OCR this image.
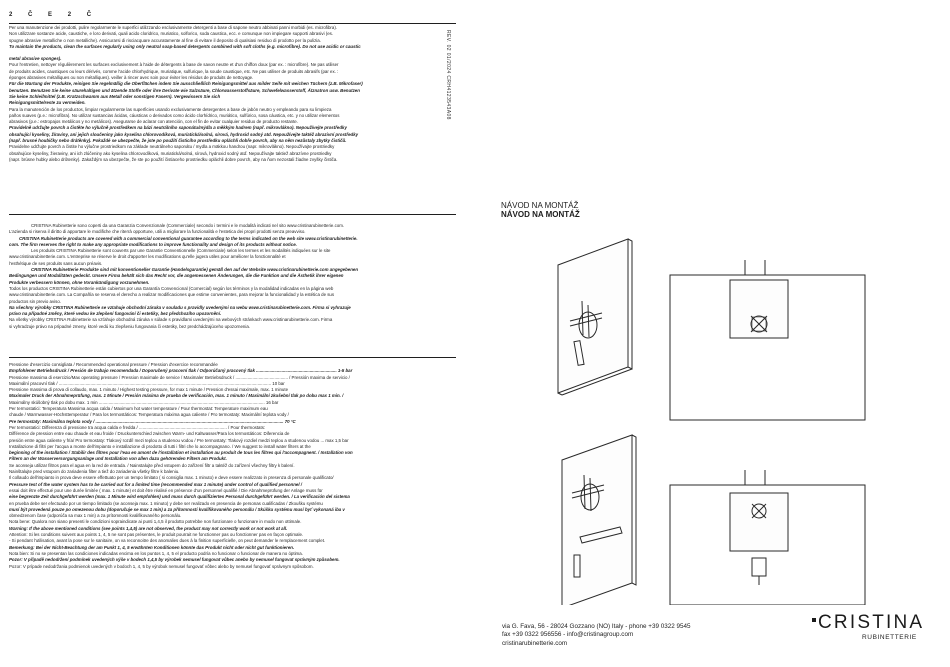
2	Č	E	2	Č
REV. 02 01/2024 CRH4123543A08

Per una manutenzione dei prodotti, pulire regolarmente le superfici utilizzando esclusivamente detergenti a base di sapone neutro abbinati panni morbidi (es. microfibra).

Non utilizzare sostanze acide, caustiche, e loro derivati, quali acido cloridrico, muriatico, solforico, soda caustica, ecc. e comunque non impiegare supporti abrasivi (es.

spugne abrasive metalliche o non metalliche). Assicurarsi di risciacquare accuratamente al fine di evitare il deposito di qualsiasi residuo di prodotto per la pulizia.

To maintain the products, clean the surfaces regularly using only neutral soap-based detergents combined with soft cloths (e.g. microfibre). Do not use acidic or caustic

metal abrasive sponges).

Pour l'entretien, nettoyer régulièrement les surfaces exclusivement à l'aide de détergents à base de savon neutre et d'un chiffon doux (par ex. : microfibre). Ne pas utiliser

de produits acides, caustiques ou leurs dérivés, comme l'acide chlorhydrique, muriatique, sulfurique, la soude caustique, etc. Ne pas utiliser de produits abrasifs (par ex. :

éponges abrasives métalliques ou non métalliques). veiller à rincer avec soin pour éviter les résidus de produits de nettoyage.

Für die Wartung der Produkte, reinigen Sie regelmäßig die Oberflächen indem Sie ausschließlich Reinigungsmittel aus milder Seife mit weichen Tüchern (z.B. Mikrofaser)

benutzen. Benutzen Sie keine säurehaltigen und ätzende Stoffe oder ihre Derivate wie Salzsäure, Chlorwasserstoffsäure, Schwefelwasserstoff, Ätznatron usw. Benutzen

Sie keine Schleifmittel (z.B. Kratzschwamm aus Metall oder sonstigen Fasern). Vergewissern Sie sich

Reinigungsmittelreste zu vermeiden.

Para la manutención de los productos, limpiar regularmente las superficies usando exclusivamente detergentes a base de jabón neutro y empleando para su limpieza

paños suaves (p.e.: microfibra). No utilizar sustancias ácidas, cáusticas o derivados como ácido clorhídrico, muriático, sulfúrico, sosa cáustica, etc. y no utilizar elementos

abrasivos (p.e.: estropajos metálicos y no metálicos). Asegurarse de aclarar con atención, con el fin de evitar cualquier residuo de producto restante.

Pravidelně udržujte povrch a čistěte ho výlučně prostředkem na bázi neutrálního saponátu/mýdla a měkkým hadrem (např. mikrovlákno). Nepoužívejte prostředky

obsahující kyseliny, žíraviny, ani jejich sloučeniny jako kyselina chlorovodíková, muriatická/solná, sírová, hydroxid sodný atd. Nepoužívejte taktéž abrazivní prostředky

(např. brusné houbičky nebo drátěnky). Pokaždé se ubezpečte, že jste po použití čisticího prostředku opláchli dobře povrch, aby na něm nezůstaly zbytky čističů.

Pravidelne udržujte povrch a čistite ho výlučne prostriedkom na základe neutrálneho saponátu / mydla a mäkkou handrou (napr. mikrovlákno). Nepoužívajte prostriedky

obsahujúce kyseliny, žieraviny, ani ich zlúčeniny ako kyselina chlorovodíková, muriatická/solná, sírová, hydroxid sodný atď. Nepoužívajte taktiež abrazívne prostriedky

(napr. brúsne hubky alebo drôtenky). Zakaždým sa ubezpečte, že ste po použití čistiaceho prostriedku opláchli dobre povrch, aby na ňom nezostali žiadne zvyšky čističa.

CRISTINA Rubinetterie sono coperti da una Garanzia Convenzionale (Commerciale) secondo i termini e le modalità indicati nel sito www.cristinarubinetterie.com.

L'azienda si riserva il diritto di apportare le modifiche che riterrà opportune, utili a migliorare la funzionalità e l'estetica dei propri prodotti senza preavviso.

CRISTINA Rubinetterie products are covered with a commercial conventional guarantee according to the terms indicated on the web site www.cristinarubinetterie.

com. The firm reserves the right to make any appropriate modifications to improve functionality and design of its products without notice.

Les produits CRISTINA Rubinetterie sont couverts par une Garantie Conventionnelle (Commerciale) selon les termes et les modalités indiquées sur le site

www.cristinarubinetterie.com. L'entreprise se réserve le droit d'apporter les modifications qu'elle jugera utiles pour améliorer la fonctionnalité et

l'esthétique de ses produits sans aucun préavis.

CRISTINA Rubinetterie Produkte sind mit konventioneller Garantie (Handelsgarantie) gemäß den auf der Website www.cristinarubinetterie.com angegebenen

Bedingungen und Modalitäten gedeckt. Unsere Firma behält sich das Recht vor, die angemessenen Änderungen, die die Funktion und die Ästhetik ihrer eigenen

Produkte verbessern können, ohne Vorankündigung vorzunehmen.

Todos los productos CRISTINA Rubinetterie están cubiertos por una Garantía Convencional (Comercial) según los términos y la modalidad indicadas en la página web

www.cristinarubinetterie.com. La Compañía se reserva el derecho a realizar modificaciones que estime convenientes, para mejorar la funcionalidad y la estética de sus

productos sin previo aviso.

Na všechny výrobky CRISTINA Rubinetterie se vztahuje obchodní záruka v souladu s pravidly uvedenými na webu www.cristinarubinetterie.com. Firma si vyhrazuje

právo na případné změny, které vedou ke zlepšení fungování či estetiky, bez předchozího upozornění.

Na všetky výrobky CRISTINA Rubinetterie sa vzťahuje obchodná záruka v súlade s pravidlami uvedenými na webových stránkach www.cristinarubinetterie.com. Firma

si vyhradzuje právo na prípadné zmeny, ktoré vedú ku zlepšeniu fungovania či estetiky, bez predchádzajúceho upozornenia.

Pressione d'esercizio consigliata / Recommended operational pressure / Pression d'exercice recommandée

Empfohlener Betriebsdruck / Presión de trabajo recomendada / Doporučený pracovní tlak / Odporúčaný pracovný tlak .................................................................. 1-5 bar

Pressione massima di esercizio/Max operating pressure / Pression maximale de service / Maximaler Betriebsdruck / ........................................... / Pressión maxima de servicio /

Maximální pracovní tlak / .............................................................................................................................................................................. 10 bar

Pressione massima di prova di collaudo, max. 1 minuto / Highest testing pressure, for max 1 minute / Pression d'essai maximale, max. 1 minute

Maximaler Druck der Abnahmeprüfung, max. 1 Minute / Presión máxima de prueba de verificación, max. 1 minuto / Maximální zkušební tlak po dobu max 1 min. /

Maximálny skúšobný tlak po dobu max. 1 min ........................................................................................................................................ 16 bar

Per termostatici: Temperatura Massima acqua calda / Maximum hot water temperature / Pour thermostat: Temperature maximum eau

chaude / Warmwasser-Höchsttemperatur / Para los termostáticos: Temperatura máxima agua caliente / Pro termostaty: Maximální teplota vody /

Pre termostaty: Maximálna teplota vody / .......................................................................................................................................................... 70 °C

Per termostatici: Differenza di pressione tra acqua calda e fredda / ........................................................................ / Pour thermostats:

Différence de pression entre eau chaude et eau froide / Druckunterschied zwischen Warm- und Kaltwasser/Para los termostáticos: Diferencia de

presión entre agua caliente y fría/ Pro termostaty: Tlakový rozdíl mezi teplou a studenou vodou / Pre termostaty: Tlakový rozdiel medzi teplou a studenou vodou ... max 1,5 bar

Installazione di filtri per l'acqua a monte dell'impianto e installazione di prodotto di tutti i filtri che lo accompagnano. / We suggest to install water filters at the

beginning of the installation / Stabilir des filtres pour l'eau en amont de l'installation et installation au produit de tous les filtres qui l'accompagnent. / Installation von

Filtern an der Wasserversorgungsanlage und Installation von allen dazu gehörenden Filtern am Produkt.

Se aconseja utilizar filtros para el agua en la red de entrada. / Nainstalujte před vstupem do zařízení filtr a taktéž do zařízení všechny filtry k balení.

Nainštalujte pred vstupom do zariadenia filter a tiež do zariadenia všetky filtre k baleniu.

Il collaudo dell'impianto in prova deve essere effettuato per un tempo limitato ( si consiglia max. 1 minuto) e deve essere realizzato in presenza di personale qualificato/

Pressure test of the water system has to be carried out for a limited time (recommended max 1 minute) under control of qualified personnel /

essai doit être effectué pour une durée limitée ( max. 1 minute) et doit être réalisé en présence d'un personnel qualifié / Die Abnahmeprüfung der Anlage muss für

eine begrenzte Zeit durchgeführt werden (max. 1 Minute wird empfohlen) und muss durch qualifiziertes Personal durchgeführt werden. / La verificación del sistema

en prueba debe ser efectuado por un tiempo limitado (se aconseja max. 1 minuto) y debe ser realizado en presencia de personas cualificadas / Zkoušku systému

musí být provedená pouze po omezenou dobu (doporučuje se max 1 min) a za přítomnosti kvalifikovaného personálu / Skúšku systému musí byť vykonaná iba v

obmedzenom čase (odporúča sa max 1 min) a za prítomnosti kvalifikovaného personálu.

Nota bene: Qualora non siano presenti le condizioni sopraindicate ai punti 1,4,5 il prodotto potrebbe non funzionare o funzionare in modo non ottimale.

Warning: If the above mentioned conditions (see points 1,4,5) are not observed, the product may not correctly work or not work at all.

Attention: Si les conditions suivent aux points 1, 4, 5 ne sont pas présentes, le produit pourrait ne fonctionner pas ou fonctionner pas en façon optimale.

- Si pendant l'utilisation, avant la pose sur le sanitaire, on va reconnoitre des anomalies dues à la finition superficielle, on peut demander le remplacement complet.

Bemerkung: Bei der Nicht-Beachtung der am Punkt 1, 4, 5 erwähnten Konditionen könnte das Produkt nicht oder nicht gut funktionieren.

Nota bien: Si no se presentan las condiciones indicadas encima en los puntos 1, 4, 5 el producto podría no funcionar o funcionar de manera no óptima.

Pozor: V případě nedodržení podmínek uvedených výše v bodech 1,4,5 by výrobek nemusel fungovat vůbec anebo by nemusel fungovat správným způsobem.

Pozor: V prípade nedodržania podmienok uvedených v bodoch 1, 4, 5 by výrobok nemusel fungovať vôbec alebo by nemusel fungovať správnym spôsobom.

NÁVOD NA MONTÁŽ
NÁVOD NA MONTÁŽ
via G. Fava, 56 - 28024 Gozzano (NO) Italy - phone +39 0322 9545
fax +39 0322 956556 - info@cristinagroup.com
cristinarubinetterie.com
CRISTINA
RUBINETTERIE
